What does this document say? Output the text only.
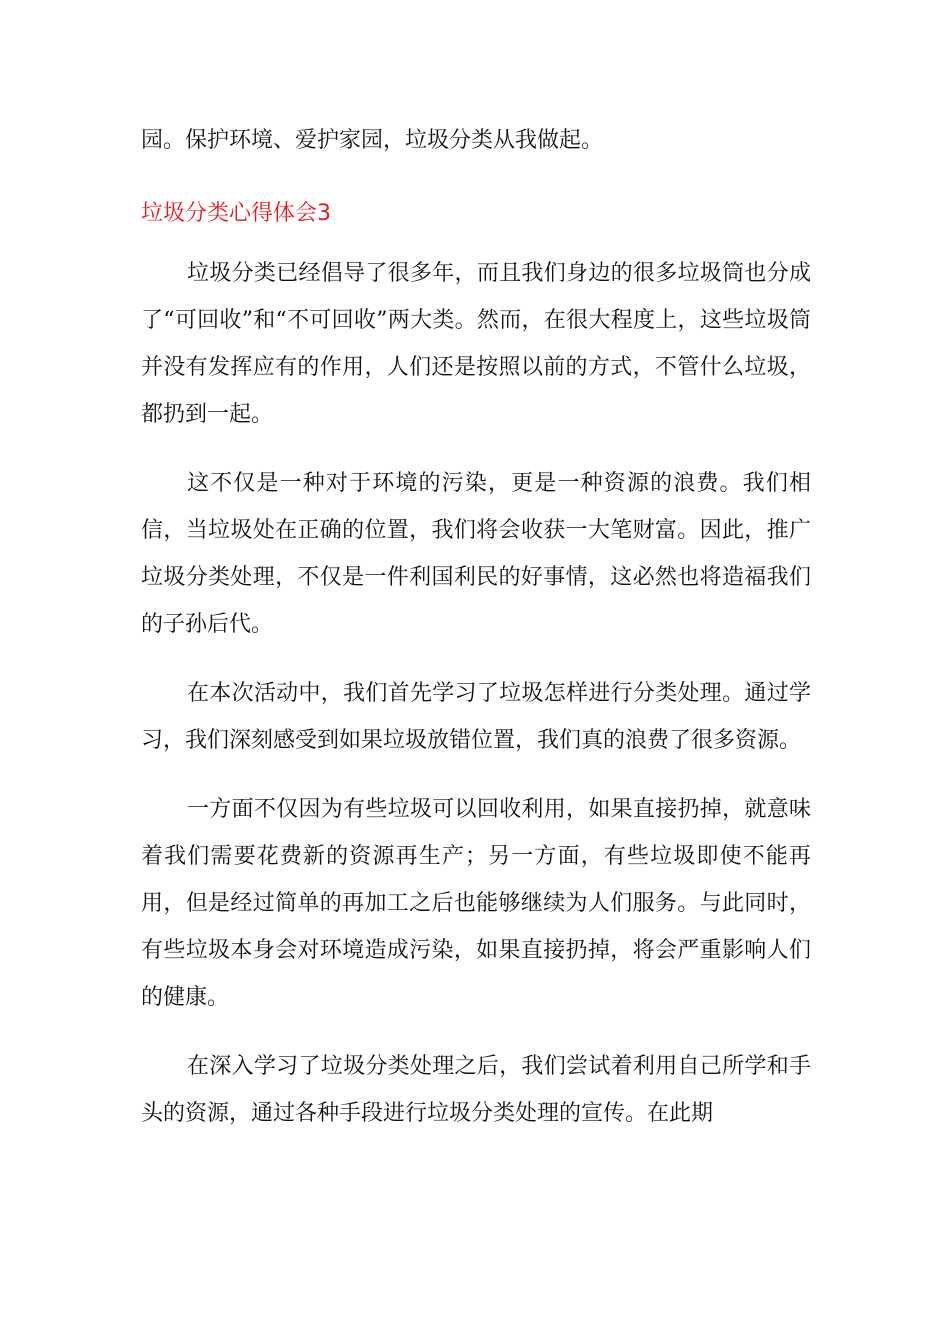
园。保护环境、爱护家园，垃圾分类从我做起。

垃圾分类心得体会3

垃圾分类已经倡导了很多年，而且我们身边的很多垃圾筒也分成了“可回收”和“不可回收”两大类。然而，在很大程度上，这些垃圾筒并没有发挥应有的作用，人们还是按照以前的方式，不管什么垃圾，都扔到一起。

这不仅是一种对于环境的污染，更是一种资源的浪费。我们相信，当垃圾处在正确的位置，我们将会收获一大笔财富。因此，推广垃圾分类处理，不仅是一件利国利民的好事情，这必然也将造福我们的子孙后代。

在本次活动中，我们首先学习了垃圾怎样进行分类处理。通过学习，我们深刻感受到如果垃圾放错位置，我们真的浪费了很多资源。

一方面不仅因为有些垃圾可以回收利用，如果直接扔掉，就意味着我们需要花费新的资源再生产；另一方面，有些垃圾即使不能再用，但是经过简单的再加工之后也能够继续为人们服务。与此同时，有些垃圾本身会对环境造成污染，如果直接扔掉，将会严重影响人们的健康。

在深入学习了垃圾分类处理之后，我们尝试着利用自己所学和手头的资源，通过各种手段进行垃圾分类处理的宣传。在此期
